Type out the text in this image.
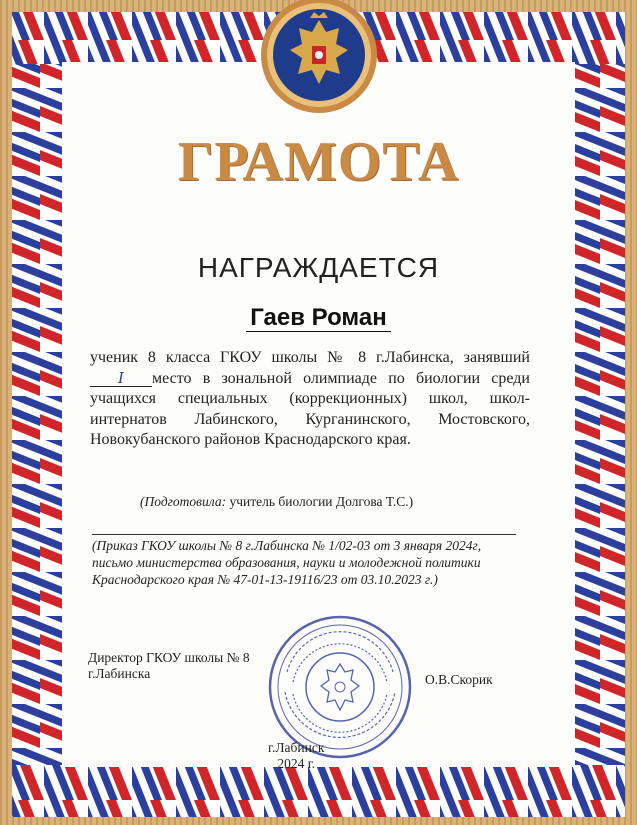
ГРАМОТА
НАГРАЖДАЕТСЯ
Гаев Роман
ученик 8 класса ГКОУ школы № 8 г.Лабинска, занявшийI место в зональной олимпиаде по биологии среди учащихся специальных (коррекционных) школ, школ-интернатов Лабинского, Курганинского, Мостовского, Новокубанского районов Краснодарского края.
(Подготовила: учитель биологии Долгова Т.С.)
(Приказ ГКОУ школы № 8 г.Лабинска № 1/02-03 от 3 января 2024г, письмо министерства образования, науки и молодежной политики Краснодарского края № 47-01-13-19116/23 от 03.10.2023 г.)
Директор ГКОУ школы № 8
г.Лабинска	О.В.Скорик
г.Лабинск
2024 г.
